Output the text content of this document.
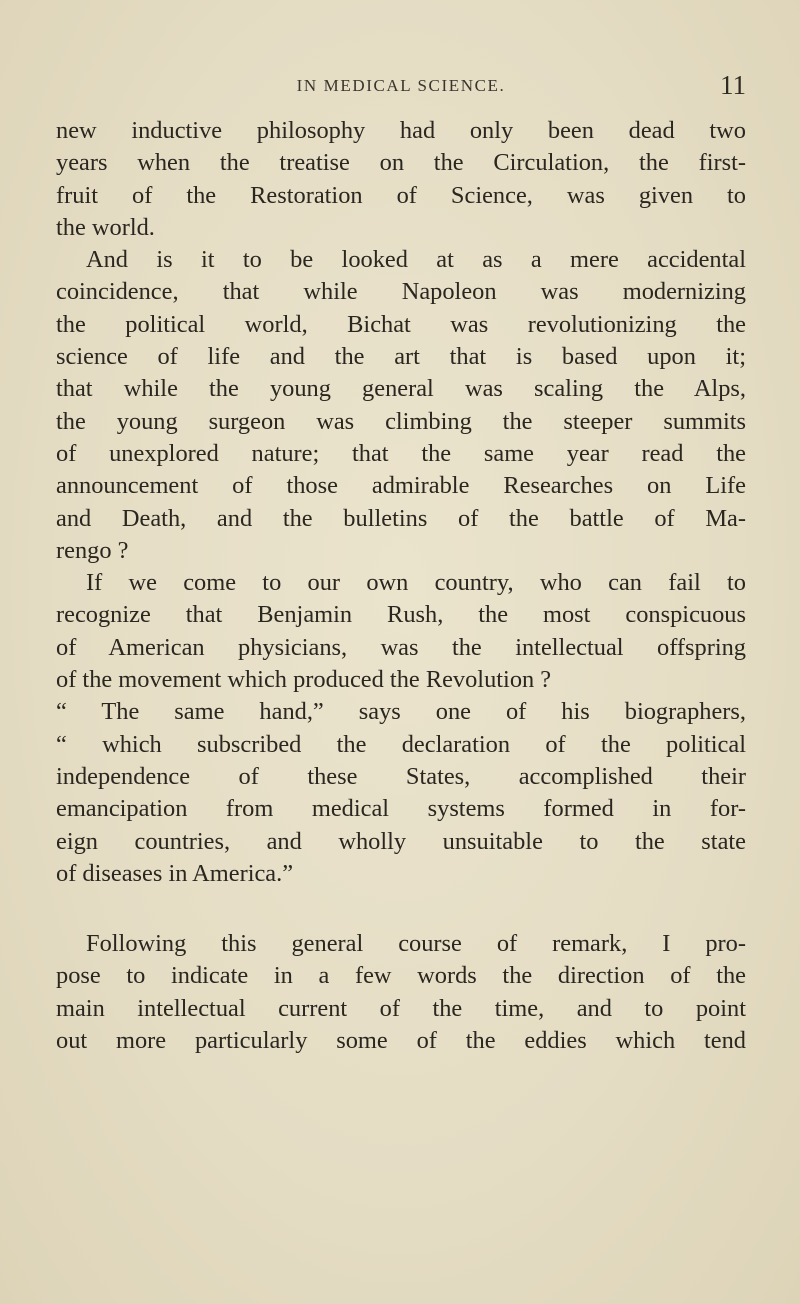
IN MEDICAL SCIENCE.	11
new inductive philosophy had only been dead two
years when the treatise on the Circulation, the first-
fruit of the Restoration of Science, was given to
the world.
And is it to be looked at as a mere accidental
coincidence, that while Napoleon was modernizing
the political world, Bichat was revolutionizing the
science of life and the art that is based upon it;
that while the young general was scaling the Alps,
the young surgeon was climbing the steeper summits
of unexplored nature; that the same year read the
announcement of those admirable Researches on Life
and Death, and the bulletins of the battle of Ma-
rengo ?
If we come to our own country, who can fail to
recognize that Benjamin Rush, the most conspicuous
of American physicians, was the intellectual offspring
of the movement which produced the Revolution ?
“ The same hand,” says one of his biographers,
“ which subscribed the declaration of the political
independence of these States, accomplished their
emancipation from medical systems formed in for-
eign countries, and wholly unsuitable to the state
of diseases in America.”
Following this general course of remark, I pro-
pose to indicate in a few words the direction of the
main intellectual current of the time, and to point
out more particularly some of the eddies which tend
